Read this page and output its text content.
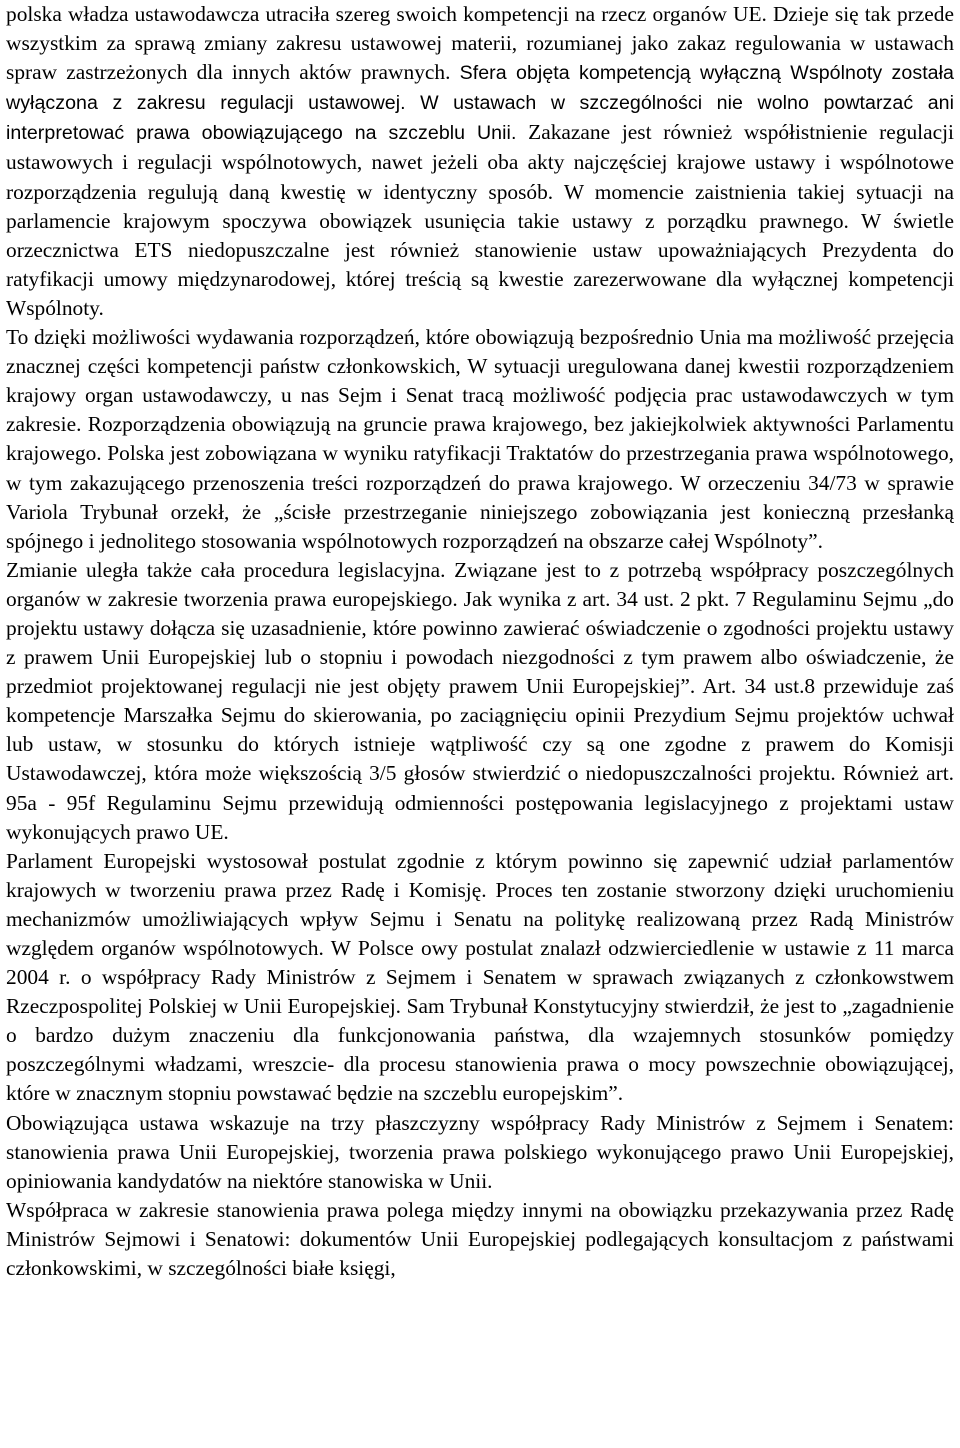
polska władza ustawodawcza utraciła szereg swoich kompetencji na rzecz organów UE. Dzieje się tak przede wszystkim za sprawą zmiany zakresu ustawowej materii, rozumianej jako zakaz regulowania w ustawach spraw zastrzeżonych dla innych aktów prawnych. Sfera objęta kompetencją wyłączną Wspólnoty została wyłączona z zakresu regulacji ustawowej. W ustawach w szczególności nie wolno powtarzać ani interpretować prawa obowiązującego na szczeblu Unii. Zakazane jest również współistnienie regulacji ustawowych i regulacji wspólnotowych, nawet jeżeli oba akty najczęściej krajowe ustawy i wspólnotowe rozporządzenia regulują daną kwestię w identyczny sposób. W momencie zaistnienia takiej sytuacji na parlamencie krajowym spoczywa obowiązek usunięcia takie ustawy z porządku prawnego. W świetle orzecznictwa ETS niedopuszczalne jest również stanowienie ustaw upoważniających Prezydenta do ratyfikacji umowy międzynarodowej, której treścią są kwestie zarezerwowane dla wyłącznej kompetencji Wspólnoty.

To dzięki możliwości wydawania rozporządzeń, które obowiązują bezpośrednio Unia ma możliwość przejęcia znacznej części kompetencji państw członkowskich, W sytuacji uregulowana danej kwestii rozporządzeniem krajowy organ ustawodawczy, u nas Sejm i Senat tracą możliwość podjęcia prac ustawodawczych w tym zakresie. Rozporządzenia obowiązują na gruncie prawa krajowego, bez jakiejkolwiek aktywności Parlamentu krajowego. Polska jest zobowiązana w wyniku ratyfikacji Traktatów do przestrzegania prawa wspólnotowego, w tym zakazującego przenoszenia treści rozporządzeń do prawa krajowego. W orzeczeniu 34/73 w sprawie Variola Trybunał orzekł, że „ścisłe przestrzeganie niniejszego zobowiązania jest konieczną przesłanką spójnego i jednolitego stosowania wspólnotowych rozporządzeń na obszarze całej Wspólnoty”.

Zmianie uległa także cała procedura legislacyjna. Związane jest to z potrzebą współpracy poszczególnych organów w zakresie tworzenia prawa europejskiego. Jak wynika z art. 34 ust. 2 pkt. 7 Regulaminu Sejmu „do projektu ustawy dołącza się uzasadnienie, które powinno zawierać oświadczenie o zgodności projektu ustawy z prawem Unii Europejskiej lub o stopniu i powodach niezgodności z tym prawem albo oświadczenie, że przedmiot projektowanej regulacji nie jest objęty prawem Unii Europejskiej”. Art. 34 ust.8 przewiduje zaś kompetencje Marszałka Sejmu do skierowania, po zaciągnięciu opinii Prezydium Sejmu projektów uchwał lub ustaw, w stosunku do których istnieje wątpliwość czy są one zgodne z prawem do Komisji Ustawodawczej, która może większością 3/5 głosów stwierdzić o niedopuszczalności projektu. Również art. 95a - 95f Regulaminu Sejmu przewidują odmienności postępowania legislacyjnego z projektami ustaw wykonujących prawo UE.

Parlament Europejski wystosował postulat zgodnie z którym powinno się zapewnić udział parlamentów krajowych w tworzeniu prawa przez Radę i Komisję. Proces ten zostanie stworzony dzięki uruchomieniu mechanizmów umożliwiających wpływ Sejmu i Senatu na politykę realizowaną przez Radą Ministrów względem organów wspólnotowych. W Polsce owy postulat znalazł odzwierciedlenie w ustawie z 11 marca 2004 r. o współpracy Rady Ministrów z Sejmem i Senatem w sprawach związanych z członkowstwem Rzeczpospolitej Polskiej w Unii Europejskiej. Sam Trybunał Konstytucyjny stwierdził, że jest to „zagadnienie o bardzo dużym znaczeniu dla funkcjonowania państwa, dla wzajemnych stosunków pomiędzy poszczególnymi władzami, wreszcie- dla procesu stanowienia prawa o mocy powszechnie obowiązującej, które w znacznym stopniu powstawać będzie na szczeblu europejskim”.

Obowiązująca ustawa wskazuje na trzy płaszczyzny współpracy Rady Ministrów z Sejmem i Senatem: stanowienia prawa Unii Europejskiej, tworzenia prawa polskiego wykonującego prawo Unii Europejskiej, opiniowania kandydatów na niektóre stanowiska w Unii.

Współpraca w zakresie stanowienia prawa polega między innymi na obowiązku przekazywania przez Radę Ministrów Sejmowi i Senatowi: dokumentów Unii Europejskiej podlegających konsultacjom z państwami członkowskimi, w szczególności białe księgi,
